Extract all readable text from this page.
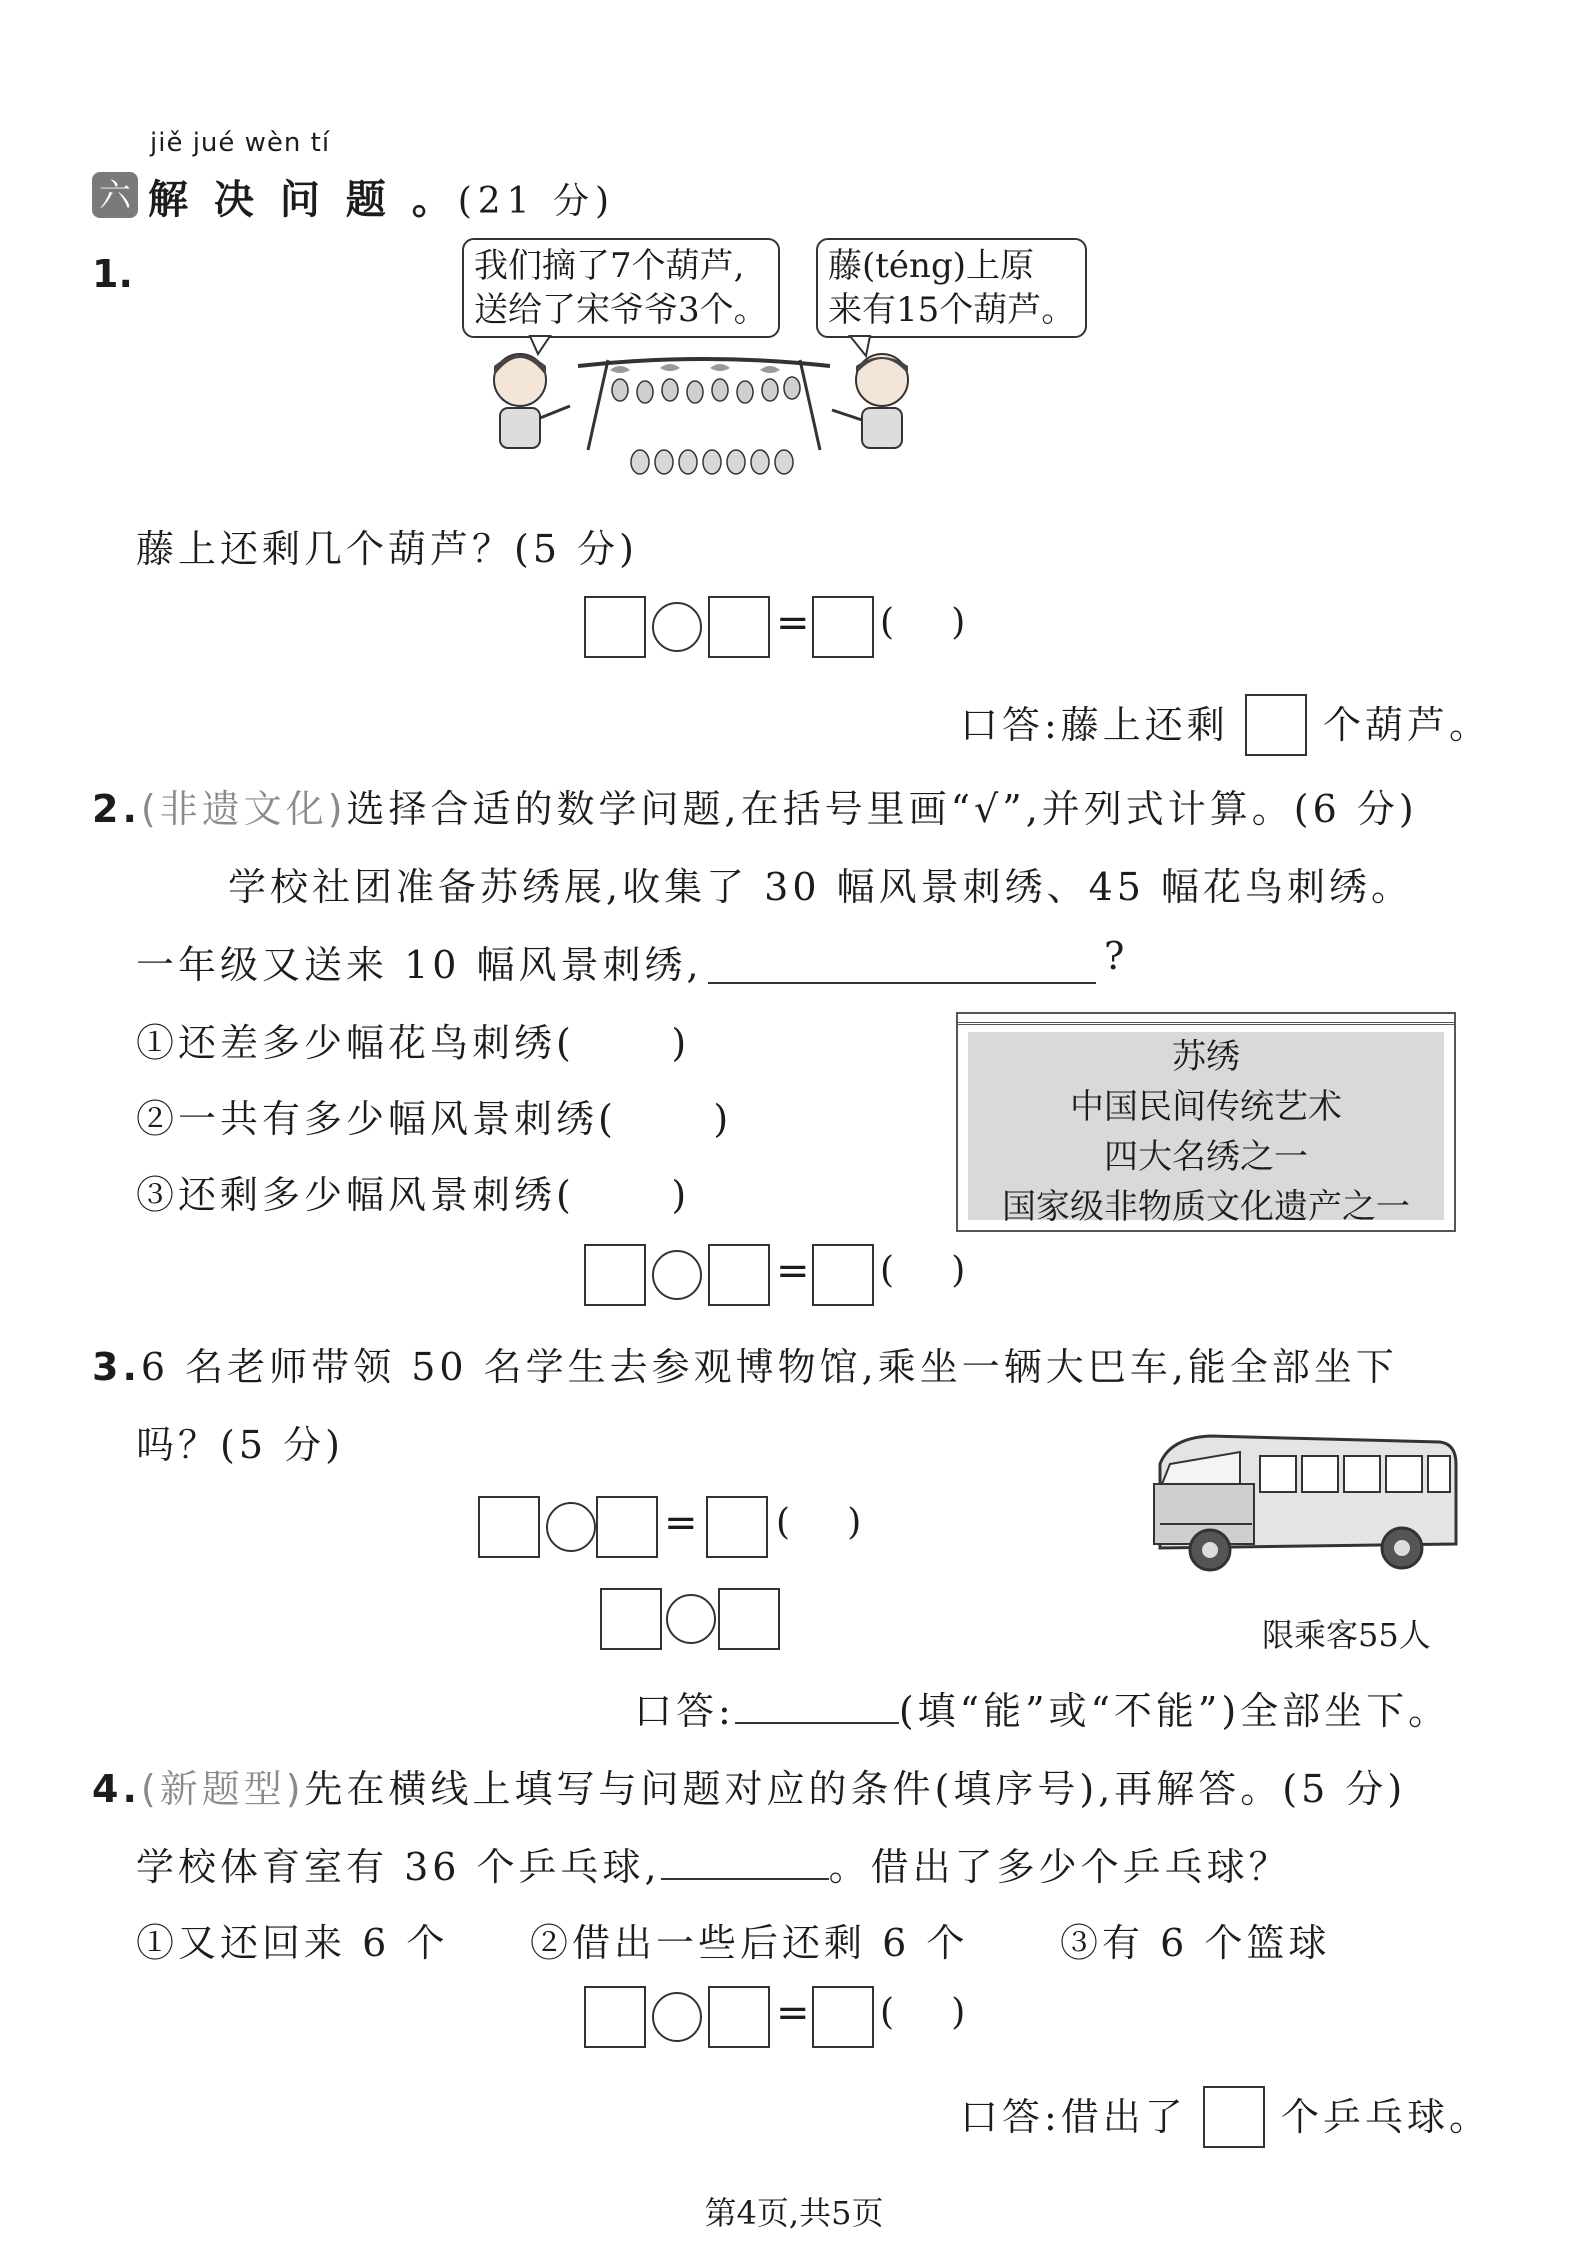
jiě jué wèn tí
六 解 决 问 题 。(21 分)
1.	我们摘了7个葫芦,
送给了宋爷爷3个。
藤(téng)上原
来有15个葫芦。
藤上还剩几个葫芦？(5 分)
= (     )
口答:藤上还剩 个葫芦。
2.(非遗文化)选择合适的数学问题,在括号里画“√”,并列式计算。(6 分)
学校社团准备苏绣展,收集了 30 幅风景刺绣、45 幅花鸟刺绣。
一年级又送来 10 幅风景刺绣,	?
①还差多少幅花鸟刺绣(	)
②一共有多少幅风景刺绣(	)
③还剩多少幅风景刺绣(	)
苏绣
中国民间传统艺术
四大名绣之一
国家级非物质文化遗产之一
= (     )
3.6 名老师带领 50 名学生去参观博物馆,乘坐一辆大巴车,能全部坐下
吗？(5 分)
限乘客55人
= (     )
口答:	(填“能”或“不能”)全部坐下。
4.(新题型)先在横线上填写与问题对应的条件(填序号),再解答。(5 分)
学校体育室有 36 个乒乓球,	。借出了多少个乒乓球？
①又还回来 6 个 ②借出一些后还剩 6 个 ③有 6 个篮球
= (     )
口答:借出了 个乒乓球。
第4页,共5页
